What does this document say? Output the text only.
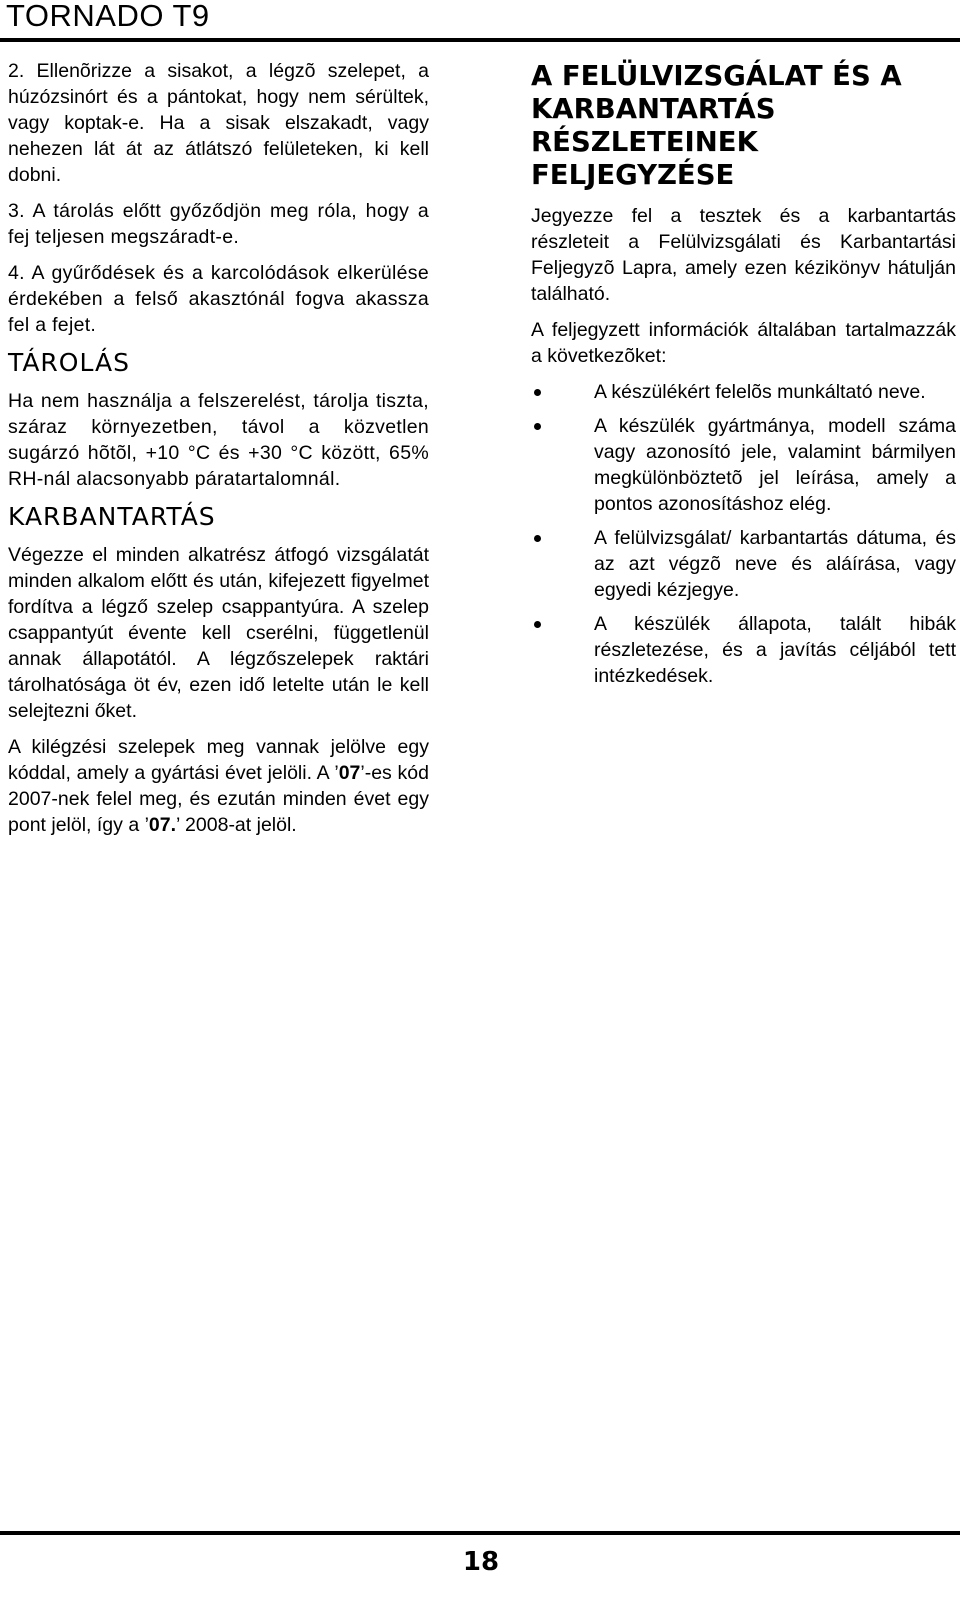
TORNADO T9

2. Ellenõrizze a sisakot, a légzõ szelepet, a húzózsinórt és a pántokat, hogy nem sérültek, vagy koptak-e. Ha a sisak elszakadt, vagy nehezen lát át az átlátszó felületeken, ki kell dobni.

3. A tárolás előtt győződjön meg róla, hogy a fej teljesen megszáradt-e.

4. A gyűrődések és a karcolódások elkerülése érdekében a felső akasztónál fogva akassza fel a fejet.

TÁROLÁS

Ha nem használja a felszerelést, tárolja tiszta, száraz környezetben, távol a közvetlen sugárzó hõtõl, +10 °C és +30 °C között, 65% RH-nál alacsonyabb páratartalomnál.

KARBANTARTÁS

Végezze el minden alkatrész átfogó vizsgálatát minden alkalom előtt és után, kifejezett figyelmet fordítva a légző szelep csappantyúra. A szelep csappantyút évente kell cserélni, függetlenül annak állapotától. A légzőszelepek raktári tárolhatósága öt év, ezen idő letelte után le kell selejtezni őket.

A kilégzési szelepek meg vannak jelölve egy kóddal, amely a gyártási évet jelöli. A ’07’-es kód 2007-nek felel meg, és ezután minden évet egy pont jelöl, így a ’07.’ 2008-at jelöl.

A FELÜLVIZSGÁLAT ÉS A KARBANTARTÁS RÉSZLETEINEK FELJEGYZÉSE

Jegyezze fel a tesztek és a karbantartás részleteit a Felülvizsgálati és Karbantartási Feljegyzõ Lapra, amely ezen kézikönyv hátulján található.

A feljegyzett információk általában tartalmazzák a következõket:

A készülékért felelõs munkáltató neve.
A készülék gyártmánya, modell száma vagy azonosító jele, valamint bármilyen megkülönböztetõ jel leírása, amely a pontos azonosításhoz elég.
A felülvizsgálat/ karbantartás dátuma, és az azt végzõ neve és aláírása, vagy egyedi kézjegye.
A készülék állapota, talált hibák részletezése, és a javítás céljából tett intézkedések.
18
